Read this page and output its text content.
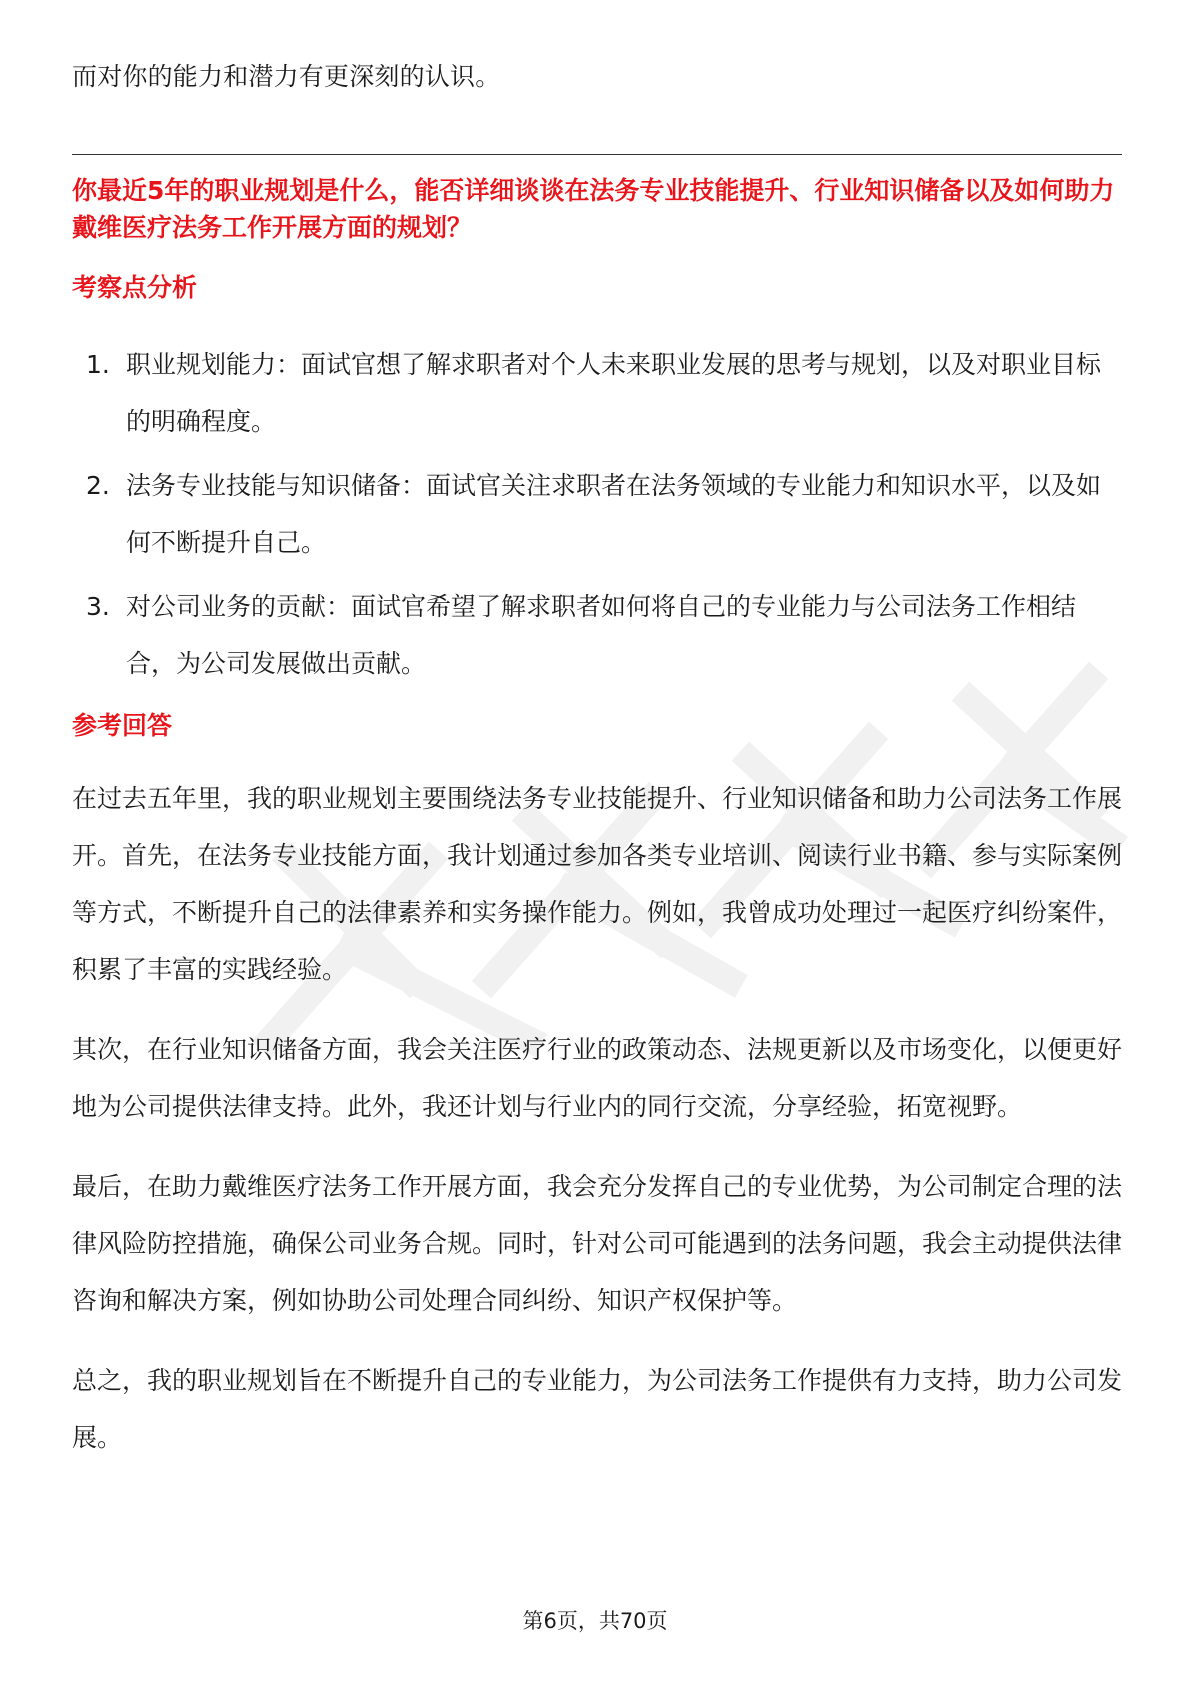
而对你的能力和潜力有更深刻的认识。

你最近5年的职业规划是什么，能否详细谈谈在法务专业技能提升、行业知识储备以及如何助力戴维医疗法务工作开展方面的规划？

考察点分析

1. 职业规划能力：面试官想了解求职者对个人未来职业发展的思考与规划，以及对职业目标的明确程度。

2. 法务专业技能与知识储备：面试官关注求职者在法务领域的专业能力和知识水平，以及如何不断提升自己。

3. 对公司业务的贡献：面试官希望了解求职者如何将自己的专业能力与公司法务工作相结合，为公司发展做出贡献。

参考回答

在过去五年里，我的职业规划主要围绕法务专业技能提升、行业知识储备和助力公司法务工作展开。首先，在法务专业技能方面，我计划通过参加各类专业培训、阅读行业书籍、参与实际案例等方式，不断提升自己的法律素养和实务操作能力。例如，我曾成功处理过一起医疗纠纷案件，积累了丰富的实践经验。

其次，在行业知识储备方面，我会关注医疗行业的政策动态、法规更新以及市场变化，以便更好地为公司提供法律支持。此外，我还计划与行业内的同行交流，分享经验，拓宽视野。

最后，在助力戴维医疗法务工作开展方面，我会充分发挥自己的专业优势，为公司制定合理的法律风险防控措施，确保公司业务合规。同时，针对公司可能遇到的法务问题，我会主动提供法律咨询和解决方案，例如协助公司处理合同纠纷、知识产权保护等。

总之，我的职业规划旨在不断提升自己的专业能力，为公司法务工作提供有力支持，助力公司发展。

第6页，共70页
